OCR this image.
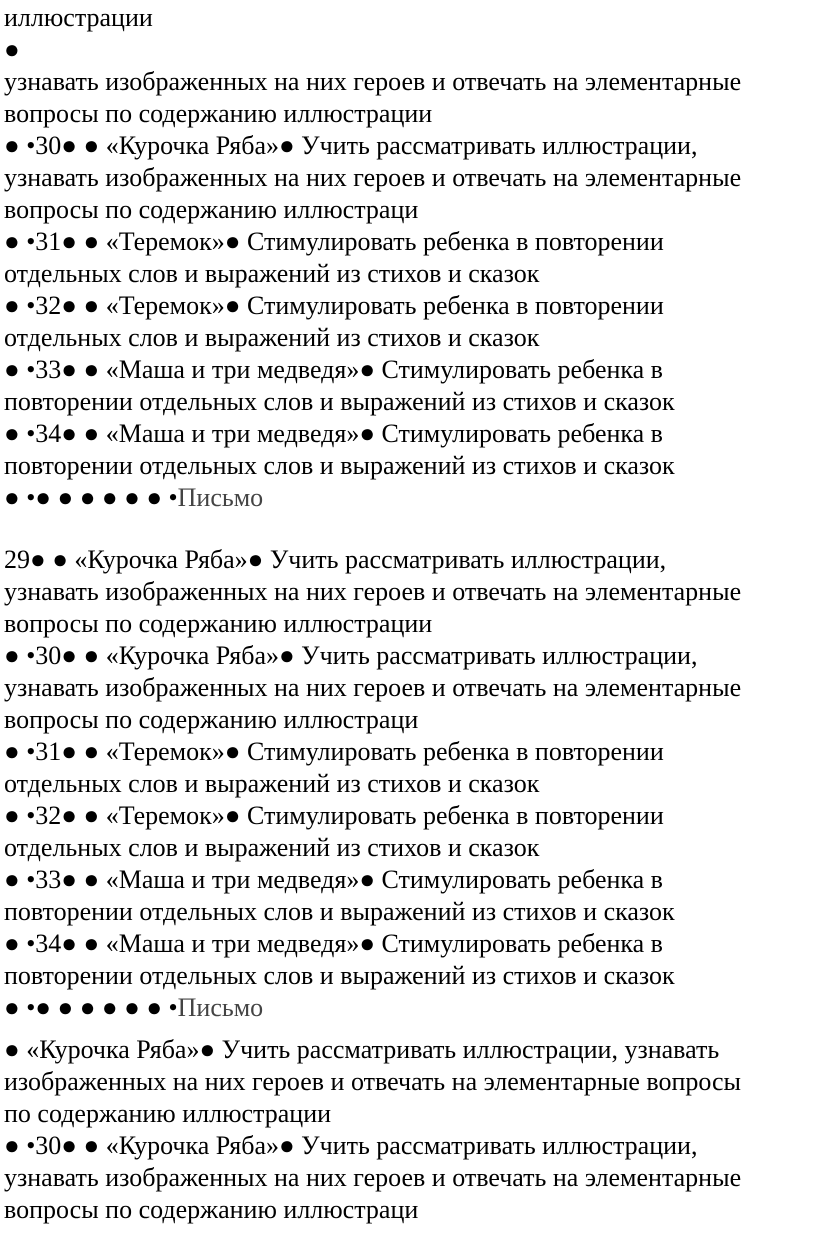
иллюстрации
●
узнавать изображенных на них героев и отвечать на элементарные
вопросы по содержанию иллюстрации
● •30● ● «Курочка Ряба»● Учить рассматривать иллюстрации,
узнавать изображенных на них героев и отвечать на элементарные
вопросы по содержанию иллюстраци
● •31● ● «Теремок»● Стимулировать ребенка в повторении
отдельных слов и выражений из стихов и сказок
● •32● ● «Теремок»● Стимулировать ребенка в повторении
отдельных слов и выражений из стихов и сказок
● •33● ● «Маша и три медведя»● Стимулировать ребенка в
повторении отдельных слов и выражений из стихов и сказок
● •34● ● «Маша и три медведя»● Стимулировать ребенка в
повторении отдельных слов и выражений из стихов и сказок
● •● ● ● ● ● ● •Письмо
29● ● «Курочка Ряба»● Учить рассматривать иллюстрации,
узнавать изображенных на них героев и отвечать на элементарные
вопросы по содержанию иллюстрации
● •30● ● «Курочка Ряба»● Учить рассматривать иллюстрации,
узнавать изображенных на них героев и отвечать на элементарные
вопросы по содержанию иллюстраци
● •31● ● «Теремок»● Стимулировать ребенка в повторении
отдельных слов и выражений из стихов и сказок
● •32● ● «Теремок»● Стимулировать ребенка в повторении
отдельных слов и выражений из стихов и сказок
● •33● ● «Маша и три медведя»● Стимулировать ребенка в
повторении отдельных слов и выражений из стихов и сказок
● •34● ● «Маша и три медведя»● Стимулировать ребенка в
повторении отдельных слов и выражений из стихов и сказок
● •● ● ● ● ● ● •Письмо
● «Курочка Ряба»● Учить рассматривать иллюстрации, узнавать
изображенных на них героев и отвечать на элементарные вопросы
по содержанию иллюстрации
● •30● ● «Курочка Ряба»● Учить рассматривать иллюстрации,
узнавать изображенных на них героев и отвечать на элементарные
вопросы по содержанию иллюстраци
